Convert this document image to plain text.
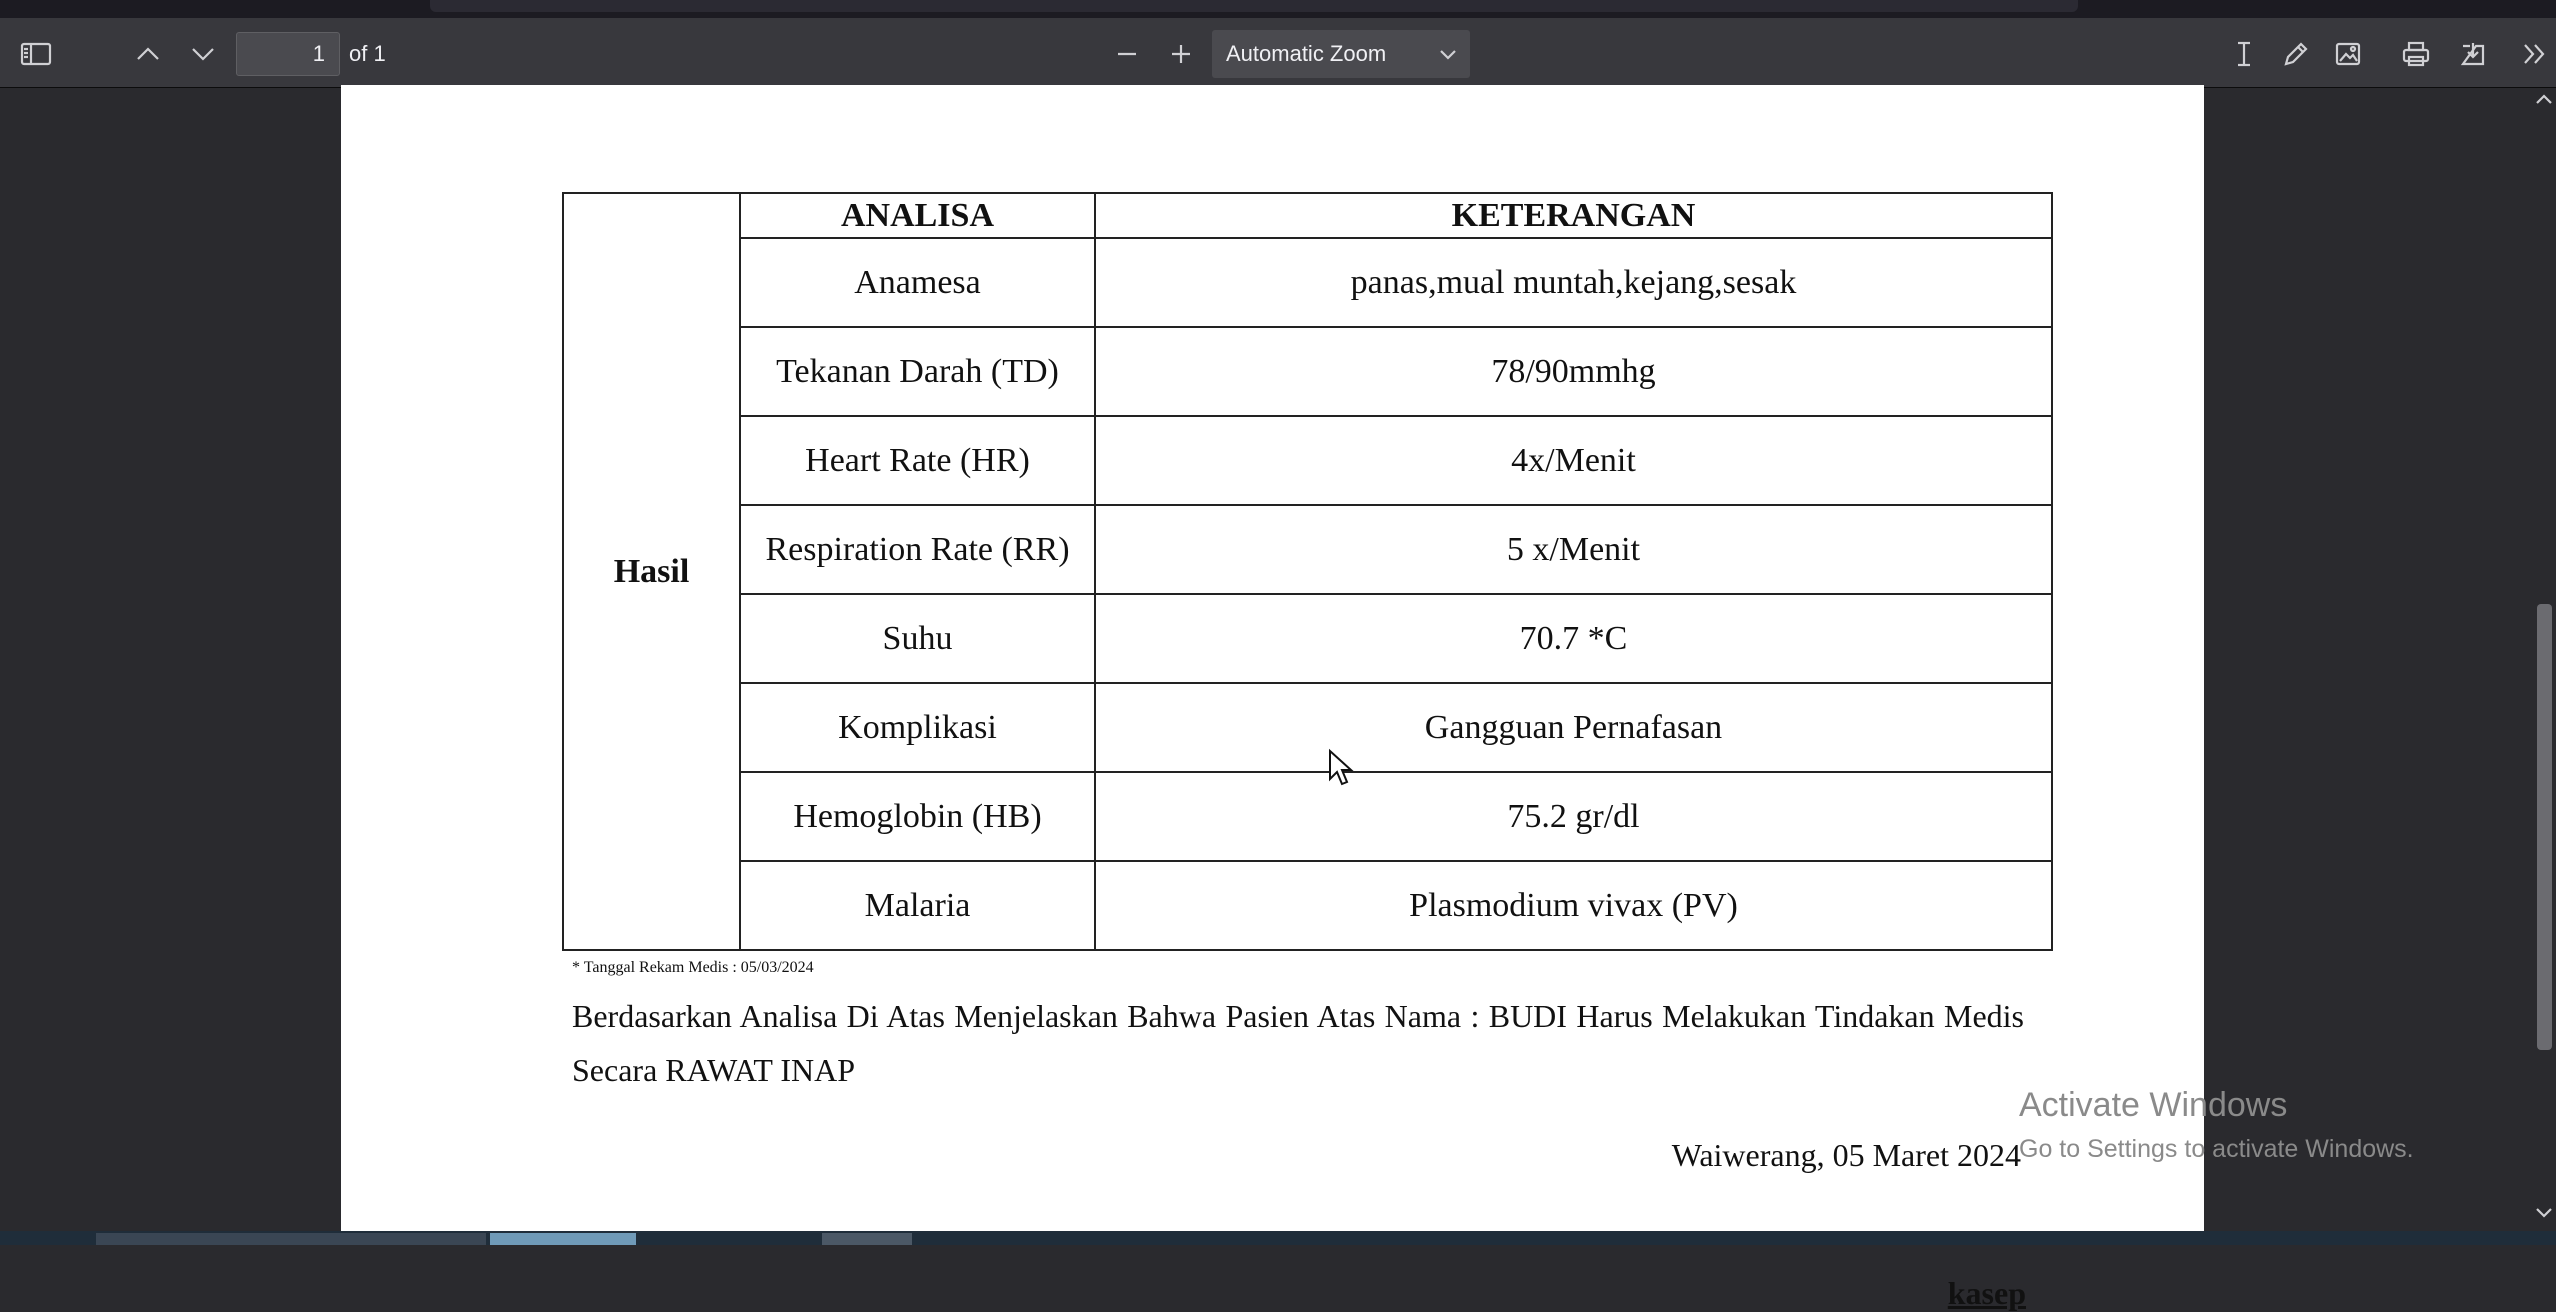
1	of 1	Automatic Zoom
Hasil	ANALISA	KETERANGAN
	Anamesa	panas,mual muntah,kejang,sesak
	Tekanan Darah (TD)	78/90mmhg
	Heart Rate (HR)	4x/Menit
	Respiration Rate (RR)	5 x/Menit
	Suhu	70.7 *C
	Komplikasi	Gangguan Pernafasan
	Hemoglobin (HB)	75.2 gr/dl
	Malaria	Plasmodium vivax (PV)
* Tanggal Rekam Medis : 05/03/2024
Berdasarkan Analisa Di Atas Menjelaskan Bahwa Pasien Atas Nama : BUDI Harus Melakukan Tindakan Medis Secara RAWAT INAP
Waiwerang, 05 Maret 2024
kasep
Activate Windows
Go to Settings to activate Windows.
